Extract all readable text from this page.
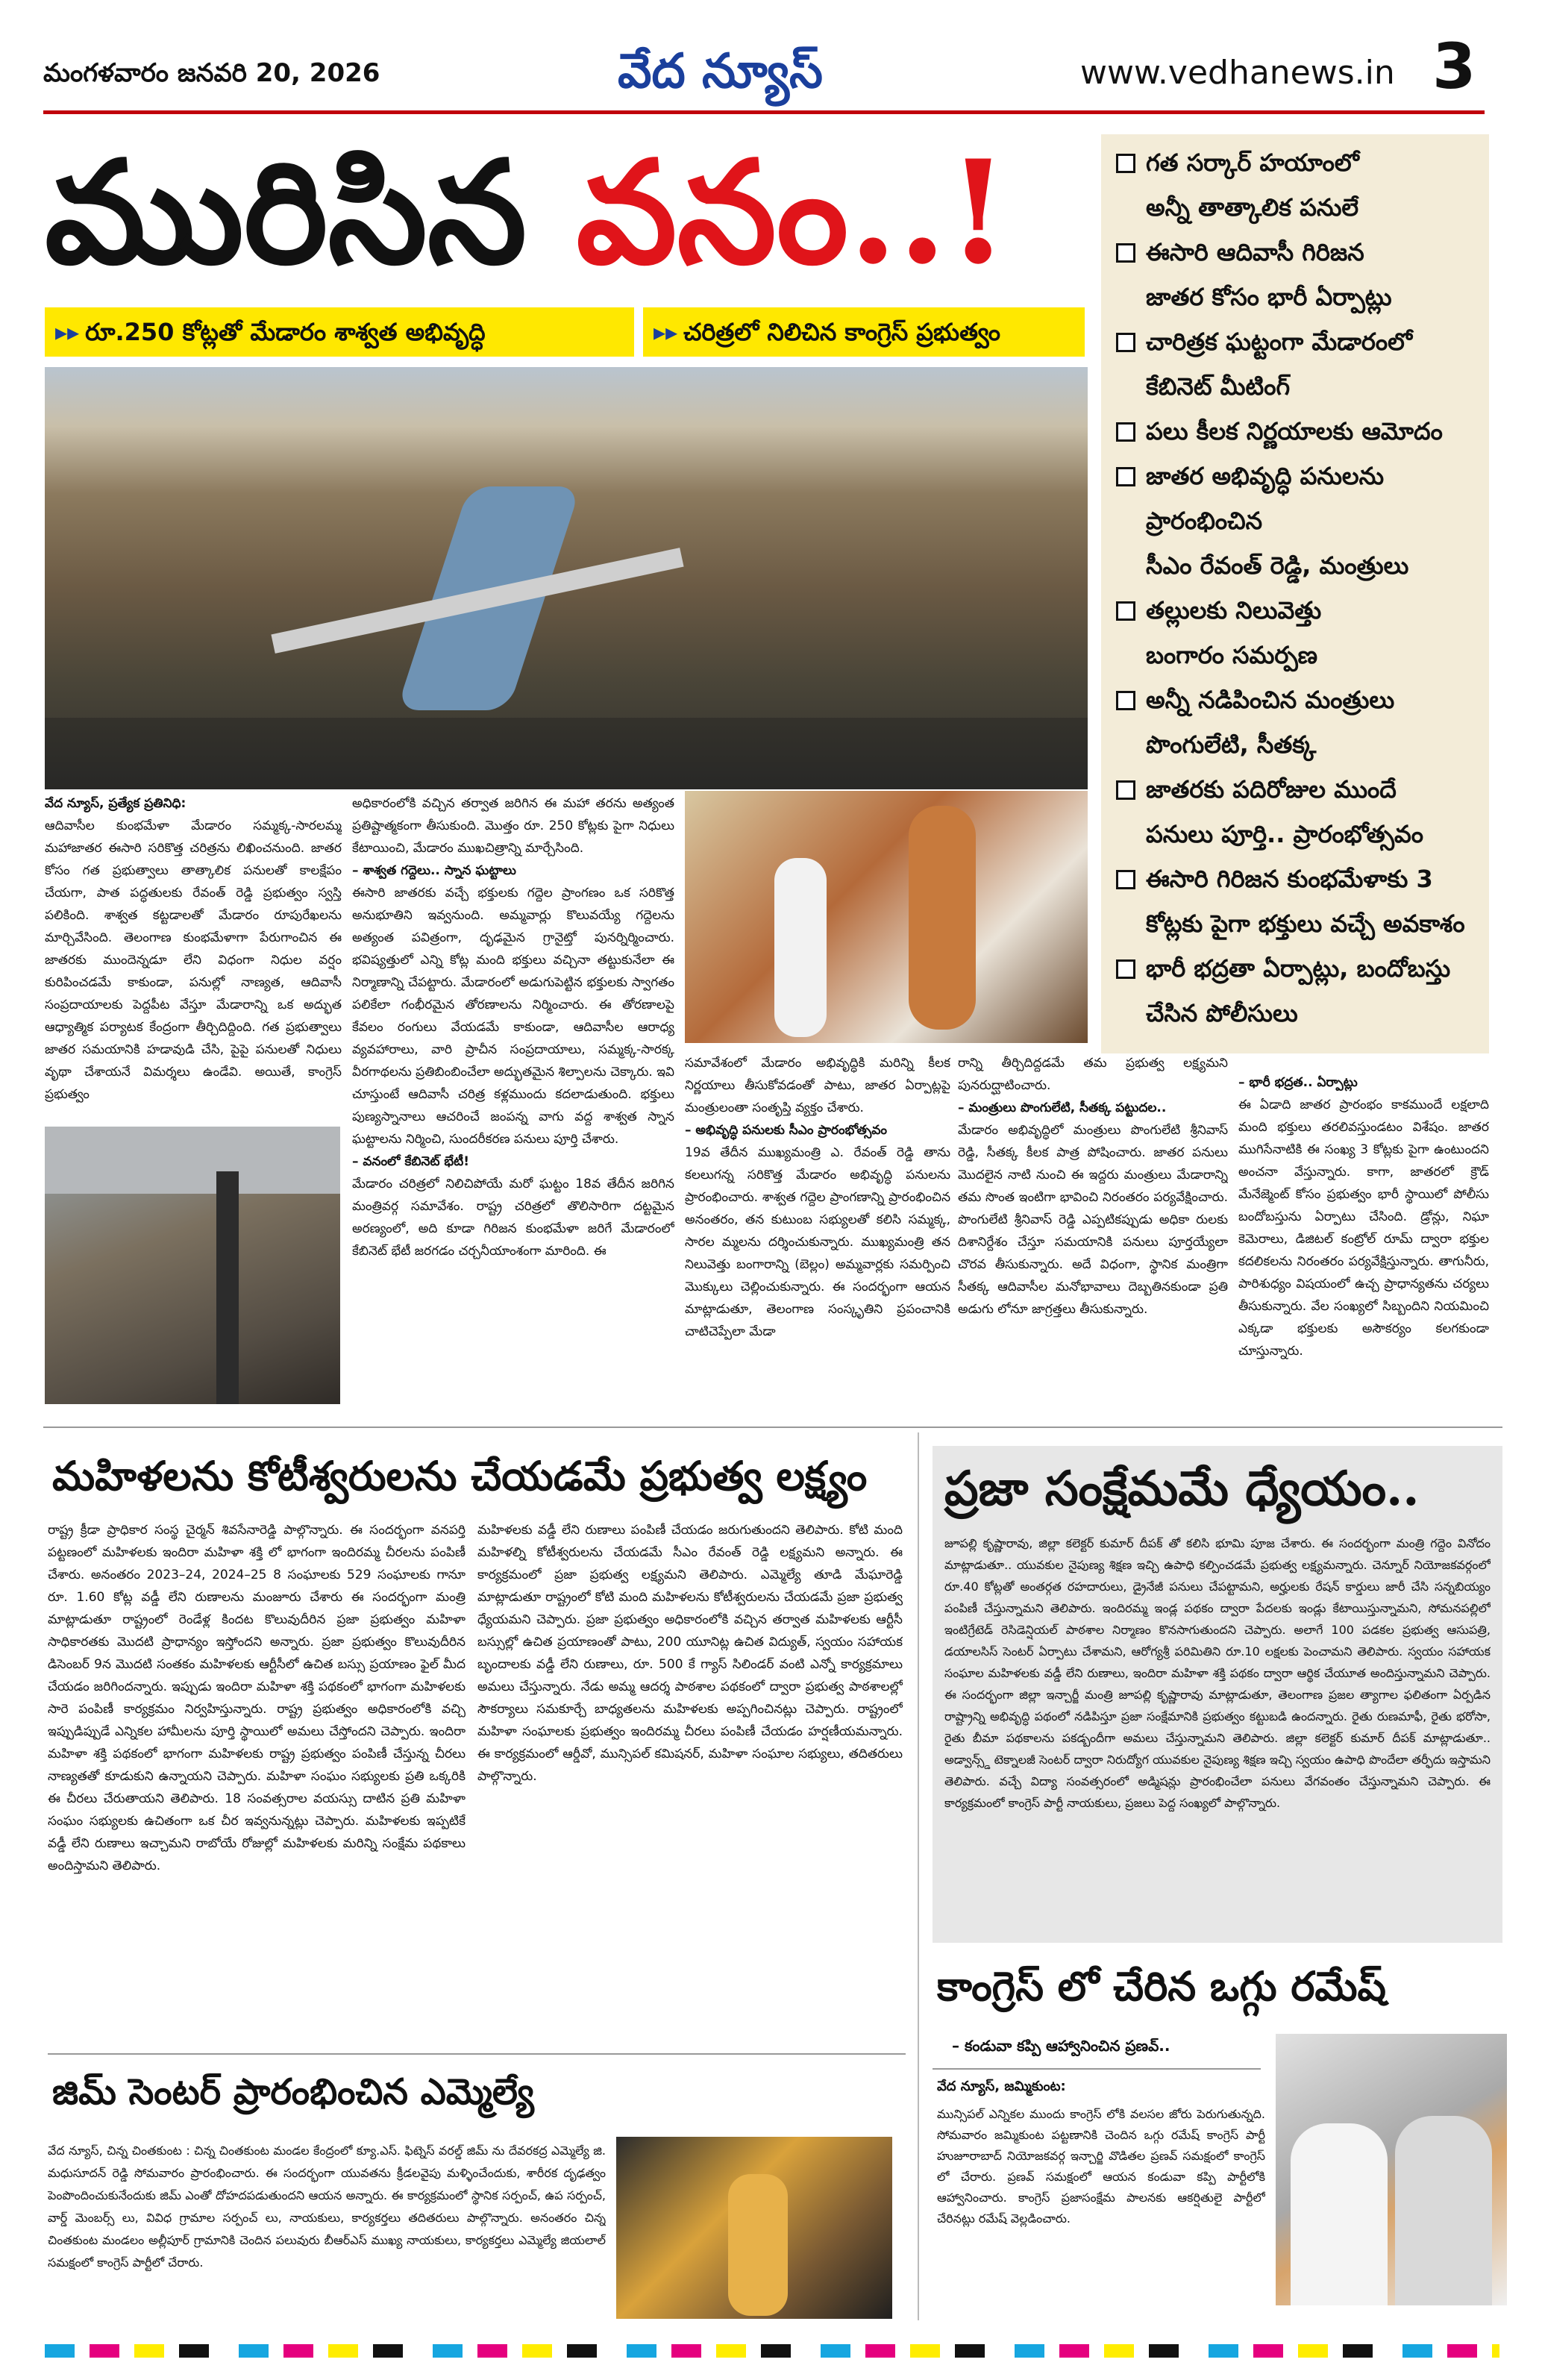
మంగళవారం జనవరి 20, 2026	వేద న్యూస్	www.vedhanews.in 3
మురిసిన వనం..!
▸▸ రూ.250 కోట్లతో మేడారం శాశ్వత అభివృద్ధి	▸▸ చరిత్రలో నిలిచిన కాంగ్రెస్ ప్రభుత్వం
గత సర్కార్ హయాంలో
అన్నీ తాత్కాలిక పనులే
ఈసారి ఆదివాసీ గిరిజన
జాతర కోసం భారీ ఏర్పాట్లు
చారిత్రక ఘట్టంగా మేడారంలో
కేబినెట్ మీటింగ్
పలు కీలక నిర్ణయాలకు ఆమోదం
జాతర అభివృద్ధి పనులను
ప్రారంభించిన
సీఎం రేవంత్ రెడ్డి, మంత్రులు
తల్లులకు నిలువెత్తు
బంగారం సమర్పణ
అన్నీ నడిపించిన మంత్రులు
పొంగులేటి, సీతక్క
జాతరకు పదిరోజుల ముందే
పనులు పూర్తి.. ప్రారంభోత్సవం
ఈసారి గిరిజన కుంభమేళాకు 3
కోట్లకు పైగా భక్తులు వచ్చే అవకాశం
భారీ భద్రతా ఏర్పాట్లు, బందోబస్తు
చేసిన పోలీసులు
వేద న్యూస్, ప్రత్యేక ప్రతినిధి:
ఆదివాసీల కుంభమేళా మేడారం సమ్మక్క-సారలమ్మ మహాజాతర ఈసారి సరికొత్త చరిత్రను లిఖించనుంది. జాతర కోసం గత ప్రభుత్వాలు తాత్కాలిక పనులతో కాలక్షేపం చేయగా, పాత పద్ధతులకు రేవంత్ రెడ్డి ప్రభుత్వం స్వస్తి పలికింది. శాశ్వత కట్టడాలతో మేడారం రూపురేఖలను మార్చివేసింది. తెలంగాణ కుంభమేళాగా పేరుగాంచిన ఈ జాతరకు ముందెన్నడూ లేని విధంగా నిధుల వర్షం కురిపించడమే కాకుండా, పనుల్లో నాణ్యత, ఆదివాసీ సంప్రదాయాలకు పెద్దపీట వేస్తూ మేడారాన్ని ఒక అద్భుత ఆధ్యాత్మిక పర్యాటక కేంద్రంగా తీర్చిదిద్దింది. గత ప్రభుత్వాలు జాతర సమయానికి హడావుడి చేసి, పైపై పనులతో నిధులు వృథా చేశాయనే విమర్శలు ఉండేవి. అయితే, కాంగ్రెస్ ప్రభుత్వం
అధికారంలోకి వచ్చిన తర్వాత జరిగిన ఈ మహా తరను అత్యంత ప్రతిష్టాత్మకంగా తీసుకుంది. మొత్తం రూ. 250 కోట్లకు పైగా నిధులు కేటాయించి, మేడారం ముఖచిత్రాన్ని మార్చేసింది.
– శాశ్వత గద్దెలు.. స్నాన ఘట్టాలు
ఈసారి జాతరకు వచ్చే భక్తులకు గద్దెల ప్రాంగణం ఒక సరికొత్త అనుభూతిని ఇవ్వనుంది. అమ్మవార్లు కొలువయ్యే గద్దెలను అత్యంత పవిత్రంగా, దృఢమైన గ్రానైట్తో పునర్నిర్మించారు. భవిష్యత్తులో ఎన్ని కోట్ల మంది భక్తులు వచ్చినా తట్టుకునేలా ఈ నిర్మాణాన్ని చేపట్టారు. మేడారంలో అడుగుపెట్టిన భక్తులకు స్వాగతం పలికేలా గంభీరమైన తోరణాలను నిర్మించారు. ఈ తోరణాలపై కేవలం రంగులు వేయడమే కాకుండా, ఆదివాసీల ఆరాధ్య వ్యవహారాలు, వారి ప్రాచీన సంప్రదాయాలు, సమ్మక్క-సారక్క వీరగాథలను ప్రతిబింబించేలా అద్భుతమైన శిల్పాలను చెక్కారు. ఇవి చూస్తుంటే ఆదివాసీ చరిత్ర కళ్లముందు కదలాడుతుంది. భక్తులు పుణ్యస్నానాలు ఆచరించే జంపన్న వాగు వద్ద శాశ్వత స్నాన ఘట్టాలను నిర్మించి, సుందరీకరణ పనులు పూర్తి చేశారు.
– వనంలో కేబినెట్ భేటీ!
మేడారం చరిత్రలో నిలిచిపోయే మరో ఘట్టం 18వ తేదీన జరిగిన మంత్రివర్గ సమావేశం. రాష్ట్ర చరిత్రలో తొలిసారిగా దట్టమైన అరణ్యంలో, అది కూడా గిరిజన కుంభమేళా జరిగే మేడారంలో కేబినెట్ భేటీ జరగడం చర్చనీయాంశంగా మారింది. ఈ
సమావేశంలో మేడారం అభివృద్ధికి మరిన్ని కీలక నిర్ణయాలు తీసుకోవడంతో పాటు, జాతర ఏర్పాట్లపై మంత్రులంతా సంతృప్తి వ్యక్తం చేశారు.
– అభివృద్ధి పనులకు సీఎం ప్రారంభోత్సవం
19వ తేదీన ముఖ్యమంత్రి ఎ. రేవంత్ రెడ్డి తాను కలలుగన్న సరికొత్త మేడారం అభివృద్ధి పనులను ప్రారంభించారు. శాశ్వత గద్దెల ప్రాంగణాన్ని ప్రారంభించిన అనంతరం, తన కుటుంబ సభ్యులతో కలిసి సమ్మక్క, సారల మ్మలను దర్శించుకున్నారు. ముఖ్యమంత్రి తన నిలువెత్తు బంగారాన్ని (బెల్లం) అమ్మవార్లకు సమర్పించి మొక్కులు చెల్లించుకున్నారు. ఈ సందర్భంగా ఆయన మాట్లాడుతూ, తెలంగాణ సంస్కృతిని ప్రపంచానికి చాటిచెప్పేలా మేడా
రాన్ని తీర్చిదిద్దడమే తమ ప్రభుత్వ లక్ష్యమని పునరుద్ఘాటించారు.
– మంత్రులు పొంగులేటి, సీతక్క పట్టుదల..
మేడారం అభివృద్ధిలో మంత్రులు పొంగులేటి శ్రీనివాస్ రెడ్డి, సీతక్క కీలక పాత్ర పోషించారు. జాతర పనులు మొదలైన నాటి నుంచి ఈ ఇద్దరు మంత్రులు మేడారాన్ని తమ సొంత ఇంటిగా భావించి నిరంతరం పర్యవేక్షించారు. పొంగులేటి శ్రీనివాస్ రెడ్డి ఎప్పటికప్పుడు అధికా రులకు దిశానిర్దేశం చేస్తూ సమయానికి పనులు పూర్తయ్యేలా చొరవ తీసుకున్నారు. అదే విధంగా, స్థానిక మంత్రిగా సీతక్క ఆదివాసీల మనోభావాలు దెబ్బతినకుండా ప్రతి అడుగు లోనూ జాగ్రత్తలు తీసుకున్నారు.
– భారీ భద్రత.. ఏర్పాట్లు
ఈ ఏడాది జాతర ప్రారంభం కాకముందే లక్షలాది మంది భక్తులు తరలివస్తుండటం విశేషం. జాతర ముగిసేనాటికి ఈ సంఖ్య 3 కోట్లకు పైగా ఉంటుందని అంచనా వేస్తున్నారు. కాగా, జాతరలో క్రౌడ్ మేనేజ్మెంట్ కోసం ప్రభుత్వం భారీ స్థాయిలో పోలీసు బందోబస్తును ఏర్పాటు చేసింది. డ్రోన్లు, నిఘా కెమెరాలు, డిజిటల్ కంట్రోల్ రూమ్ ద్వారా భక్తుల కదలికలను నిరంతరం పర్యవేక్షిస్తున్నారు. తాగునీరు, పారిశుధ్యం విషయంలో ఉచ్చ ప్రాధాన్యతను చర్యలు తీసుకున్నారు. వేల సంఖ్యలో సిబ్బందిని నియమించి ఎక్కడా భక్తులకు అసౌకర్యం కలగకుండా చూస్తున్నారు.
మహిళలను కోటీశ్వరులను చేయడమే ప్రభుత్వ లక్ష్యం
రాష్ట్ర క్రీడా ప్రాధికార సంస్థ చైర్మన్ శివసేనారెడ్డి పాల్గొన్నారు. ఈ సందర్భంగా వనపర్తి పట్టణంలో మహిళలకు ఇందిరా మహిళా శక్తి లో భాగంగా ఇందిరమ్మ చీరలను పంపిణీ చేశారు. అనంతరం 2023–24, 2024–25 8 సంఘాలకు 529 సంఘాలకు గానూ రూ. 1.60 కోట్ల వడ్డీ లేని రుణాలను మంజూరు చేశారు ఈ సందర్భంగా మంత్రి మాట్లాడుతూ రాష్ట్రంలో రెండేళ్ల కిందట కొలువుదీరిన ప్రజా ప్రభుత్వం మహిళా సాధికారతకు మొదటి ప్రాధాన్యం ఇస్తోందని అన్నారు. ప్రజా ప్రభుత్వం కొలువుదీరిన డిసెంబర్ 9న మొదటి సంతకం మహిళలకు ఆర్టీసీలో ఉచిత బస్సు ప్రయాణం ఫైల్ మీద చేయడం జరిగిందన్నారు. ఇప్పుడు ఇందిరా మహిళా శక్తి పథకంలో భాగంగా మహిళలకు సారె పంపిణీ కార్యక్రమం నిర్వహిస్తున్నారు. రాష్ట్ర ప్రభుత్వం అధికారంలోకి వచ్చి ఇప్పుడిప్పుడే ఎన్నికల హామీలను పూర్తి స్థాయిలో అమలు చేస్తోందని చెప్పారు. ఇందిరా మహిళా శక్తి పథకంలో భాగంగా మహిళలకు రాష్ట్ర ప్రభుత్వం పంపిణీ చేస్తున్న చీరలు నాణ్యతతో కూడుకుని ఉన్నాయని చెప్పారు. మహిళా సంఘం సభ్యులకు ప్రతి ఒక్కరికి ఈ చీరలు చేరుతాయని తెలిపారు. 18 సంవత్సరాల వయస్సు దాటిన ప్రతి మహిళా సంఘం సభ్యులకు ఉచితంగా ఒక చీర ఇవ్వనున్నట్లు చెప్పారు. మహిళలకు ఇప్పటికే వడ్డీ లేని రుణాలు ఇచ్చామని రాబోయే రోజుల్లో మహిళలకు మరిన్ని సంక్షేమ పథకాలు అందిస్తామని తెలిపారు.
మహిళలకు వడ్డీ లేని రుణాలు పంపిణీ చేయడం జరుగుతుందని తెలిపారు. కోటి మంది మహిళల్ని కోటీశ్వరులను చేయడమే సీఎం రేవంత్ రెడ్డి లక్ష్యమని అన్నారు. ఈ కార్యక్రమంలో ప్రజా ప్రభుత్వ లక్ష్యమని తెలిపారు. ఎమ్మెల్యే తూడి మేఘారెడ్డి మాట్లాడుతూ రాష్ట్రంలో కోటి మంది మహిళలను కోటీశ్వరులను చేయడమే ప్రజా ప్రభుత్వ ధ్యేయమని చెప్పారు. ప్రజా ప్రభుత్వం అధికారంలోకి వచ్చిన తర్వాత మహిళలకు ఆర్టీసీ బస్సుల్లో ఉచిత ప్రయాణంతో పాటు, 200 యూనిట్ల ఉచిత విద్యుత్, స్వయం సహాయక బృందాలకు వడ్డీ లేని రుణాలు, రూ. 500 కే గ్యాస్ సిలిండర్ వంటి ఎన్నో కార్యక్రమాలు అమలు చేస్తున్నారు. నేడు అమ్మ ఆదర్శ పాఠశాల పథకంలో ద్వారా ప్రభుత్వ పాఠశాలల్లో సౌకర్యాలు సమకూర్చే బాధ్యతలను మహిళలకు అప్పగించినట్లు చెప్పారు. రాష్ట్రంలో మహిళా సంఘాలకు ప్రభుత్వం ఇందిరమ్మ చీరలు పంపిణీ చేయడం హర్షణీయమన్నారు. ఈ కార్యక్రమంలో ఆర్డీవో, మున్సిపల్ కమిషనర్, మహిళా సంఘాల సభ్యులు, తదితరులు పాల్గొన్నారు.
జిమ్ సెంటర్ ప్రారంభించిన ఎమ్మెల్యే
వేద న్యూస్, చిన్న చింతకుంట : చిన్న చింతకుంట మండల కేంద్రంలో క్యూ.ఎస్. ఫిట్నెస్ వరల్డ్ జిమ్ ను దేవరకద్ర ఎమ్మెల్యే జి. మధుసూదన్ రెడ్డి సోమవారం ప్రారంభించారు. ఈ సందర్భంగా యువతను క్రీడలవైపు మళ్ళించేందుకు, శారీరక దృఢత్వం పెంపొందించుకునేందుకు జిమ్ ఎంతో దోహదపడుతుందని ఆయన అన్నారు. ఈ కార్యక్రమంలో స్థానిక సర్పంచ్, ఉప సర్పంచ్, వార్డ్ మెంబర్స్ లు, వివిధ గ్రామాల సర్పంచ్ లు, నాయకులు, కార్యకర్తలు తదితరులు పాల్గొన్నారు. అనంతరం చిన్న చింతకుంట మండలం అల్లీపూర్ గ్రామానికి చెందిన పలువురు బీఆర్ఎస్ ముఖ్య నాయకులు, కార్యకర్తలు ఎమ్మెల్యే జియలాల్ సమక్షంలో కాంగ్రెస్ పార్టీలో చేరారు.
ప్రజా సంక్షేమమే ధ్యేయం..
జూపల్లి కృష్ణారావు, జిల్లా కలెక్టర్ కుమార్ దీపక్ తో కలిసి భూమి పూజ చేశారు. ఈ సందర్భంగా మంత్రి గద్దెం వినోదం మాట్లాడుతూ.. యువకుల నైపుణ్య శిక్షణ ఇచ్చి ఉపాధి కల్పించడమే ప్రభుత్వ లక్ష్యమన్నారు. చెన్నూర్ నియోజకవర్గంలో రూ.40 కోట్లతో అంతర్గత రహదారులు, డ్రైనేజీ పనులు చేపట్టామని, అర్హులకు రేషన్ కార్డులు జారీ చేసి సన్నబియ్యం పంపిణీ చేస్తున్నామని తెలిపారు. ఇందిరమ్మ ఇండ్ల పథకం ద్వారా పేదలకు ఇండ్లు కేటాయిస్తున్నామని, సోమనపల్లిలో ఇంటిగ్రేటెడ్ రెసిడెన్షియల్ పాఠశాల నిర్మాణం కొనసాగుతుందని చెప్పారు. అలాగే 100 పడకల ప్రభుత్వ ఆసుపత్రి, డయాలసిస్ సెంటర్ ఏర్పాటు చేశామని, ఆరోగ్యశ్రీ పరిమితిని రూ.10 లక్షలకు పెంచామని తెలిపారు. స్వయం సహాయక సంఘాల మహిళలకు వడ్డీ లేని రుణాలు, ఇందిరా మహిళా శక్తి పథకం ద్వారా ఆర్థిక చేయూత అందిస్తున్నామని చెప్పారు. ఈ సందర్భంగా జిల్లా ఇన్చార్జీ మంత్రి జూపల్లి కృష్ణారావు మాట్లాడుతూ, తెలంగాణ ప్రజల త్యాగాల ఫలితంగా ఏర్పడిన రాష్ట్రాన్ని అభివృద్ధి పథంలో నడిపిస్తూ ప్రజా సంక్షేమానికి ప్రభుత్వం కట్టుబడి ఉందన్నారు. రైతు రుణమాఫీ, రైతు భరోసా, రైతు బీమా పథకాలను పకడ్బందీగా అమలు చేస్తున్నామని తెలిపారు. జిల్లా కలెక్టర్ కుమార్ దీపక్ మాట్లాడుతూ.. అడ్వాన్స్డ్ టెక్నాలజీ సెంటర్ ద్వారా నిరుద్యోగ యువకుల నైపుణ్య శిక్షణ ఇచ్చి స్వయం ఉపాధి పొందేలా తర్ఫీదు ఇస్తామని తెలిపారు. వచ్చే విద్యా సంవత్సరంలో అడ్మిషన్లు ప్రారంభించేలా పనులు వేగవంతం చేస్తున్నామని చెప్పారు. ఈ కార్యక్రమంలో కాంగ్రెస్ పార్టీ నాయకులు, ప్రజలు పెద్ద సంఖ్యలో పాల్గొన్నారు.
కాంగ్రెస్ లో చేరిన ఒగ్గు రమేష్
– కండువా కప్పి ఆహ్వానించిన ప్రణవ్..
వేద న్యూస్, జమ్మికుంట:
మున్సిపల్ ఎన్నికల ముందు కాంగ్రెస్ లోకి వలసల జోరు పెరుగుతున్నది. సోమవారం జమ్మికుంట పట్టణానికి చెందిన ఒగ్గు రమేష్ కాంగ్రెస్ పార్టీ హుజూరాబాద్ నియోజకవర్గ ఇన్చార్జి వొడితల ప్రణవ్ సమక్షంలో కాంగ్రెస్ లో చేరారు. ప్రణవ్ సమక్షంలో ఆయన కండువా కప్పి పార్టీలోకి ఆహ్వానించారు. కాంగ్రెస్ ప్రజాసంక్షేమ పాలనకు ఆకర్షితులై పార్టీలో చేరినట్లు రమేష్ వెల్లడించారు.
